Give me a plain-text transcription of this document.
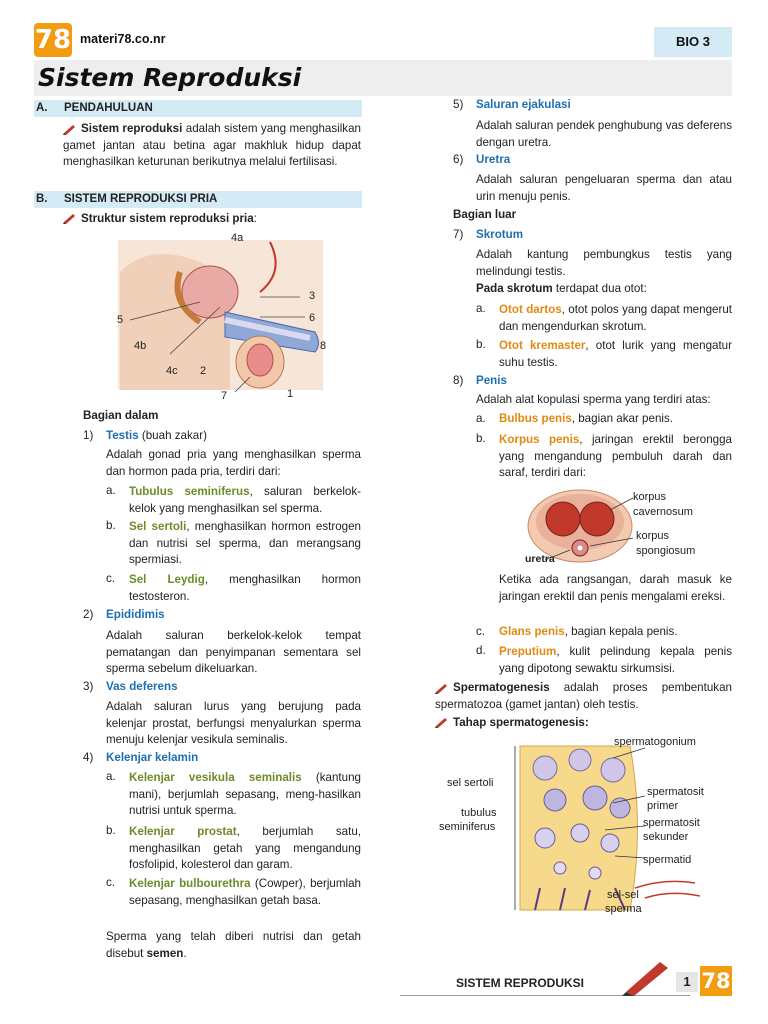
78 materi78.co.nr	BIO 3
Sistem Reproduksi
A. PENDAHULUAN
Sistem reproduksi adalah sistem yang menghasilkan gamet jantan atau betina agar makhluk hidup dapat menghasilkan keturunan berikutnya melalui fertilisasi.
B. SISTEM REPRODUKSI PRIA
Struktur sistem reproduksi pria:
4a
3
5	6
4b	8
4c 2
7	1
Bagian dalam
1) Testis (buah zakar)
Adalah gonad pria yang menghasilkan sperma dan hormon pada pria, terdiri dari:
a. Tubulus seminiferus, saluran berkelok-kelok yang menghasilkan sel sperma.
b. Sel sertoli, menghasilkan hormon estrogen dan nutrisi sel sperma, dan merangsang spermiasi.
c. Sel Leydig, menghasilkan hormon testosteron.
2) Epididimis
Adalah saluran berkelok-kelok tempat pematangan dan penyimpanan sementara sel sperma sebelum dikeluarkan.
3) Vas deferens
Adalah saluran lurus yang berujung pada kelenjar prostat, berfungsi menyalurkan sperma menuju kelenjar vesikula seminalis.
4) Kelenjar kelamin
a. Kelenjar vesikula seminalis (kantung mani), berjumlah sepasang, meng-hasilkan nutrisi untuk sperma.
b. Kelenjar prostat, berjumlah satu, menghasilkan getah yang mengandung fosfolipid, kolesterol dan garam.
c. Kelenjar bulbourethra (Cowper), berjumlah sepasang, menghasilkan getah basa.
Sperma yang telah diberi nutrisi dan getah disebut semen.
5) Saluran ejakulasi
Adalah saluran pendek penghubung vas deferens dengan uretra.
6) Uretra
Adalah saluran pengeluaran sperma dan atau urin menuju penis.
Bagian luar
7) Skrotum
Adalah kantung pembungkus testis yang melindungi testis.
Pada skrotum terdapat dua otot:
a. Otot dartos, otot polos yang dapat mengerut dan mengendurkan skrotum.
b. Otot kremaster, otot lurik yang mengatur suhu testis.
8) Penis
Adalah alat kopulasi sperma yang terdiri atas:
a. Bulbus penis, bagian akar penis.
b. Korpus penis, jaringan erektil berongga yang mengandung pembuluh darah dan saraf, terdiri dari:
korpus
cavernosum
korpus
spongiosum
uretra
Ketika ada rangsangan, darah masuk ke jaringan erektil dan penis mengalami ereksi.
c. Glans penis, bagian kepala penis.
d. Preputium, kulit pelindung kepala penis yang dipotong sewaktu sirkumsisi.
Spermatogenesis adalah proses pembentukan spermatozoa (gamet jantan) oleh testis.
Tahap spermatogenesis:
spermatogonium
sel sertoli
spermatosit
primer
tubulus
seminiferus	spermatosit
sekunder
spermatid
sel-sel
sperma
SISTEM REPRODUKSI	1 78
